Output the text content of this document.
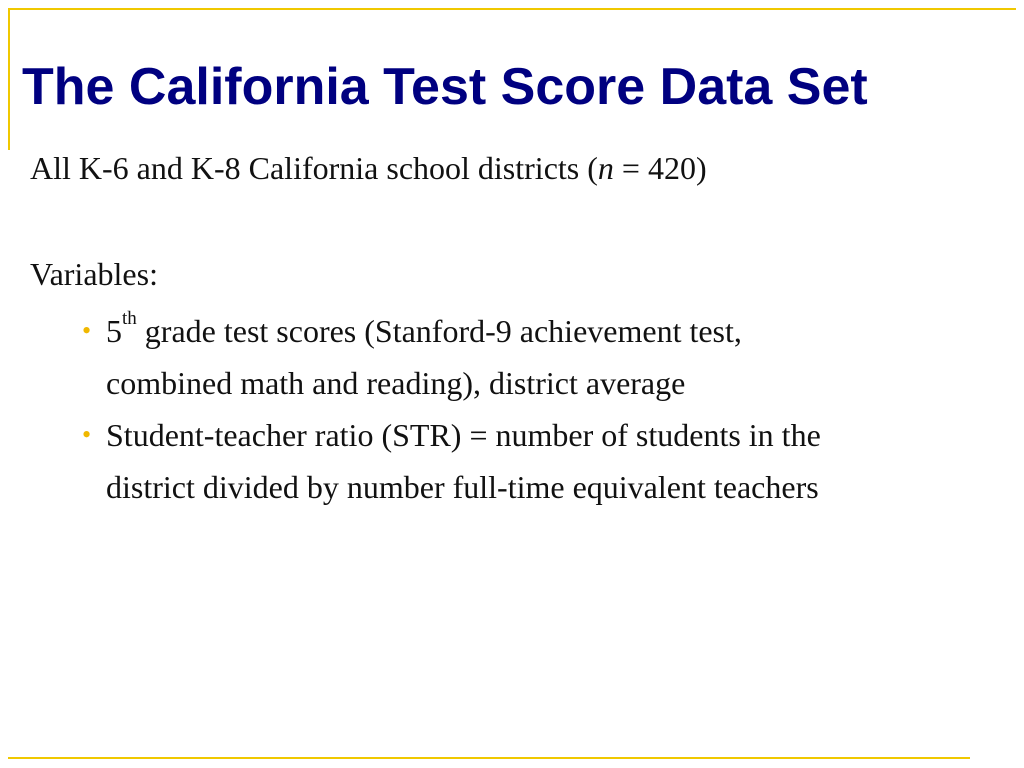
The California Test Score Data Set

All K-6 and K-8 California school districts (n = 420)

Variables:

• 5th grade test scores (Stanford-9 achievement test,
combined math and reading), district average
• Student-teacher ratio (STR) = number of students in the
district divided by number full-time equivalent teachers
